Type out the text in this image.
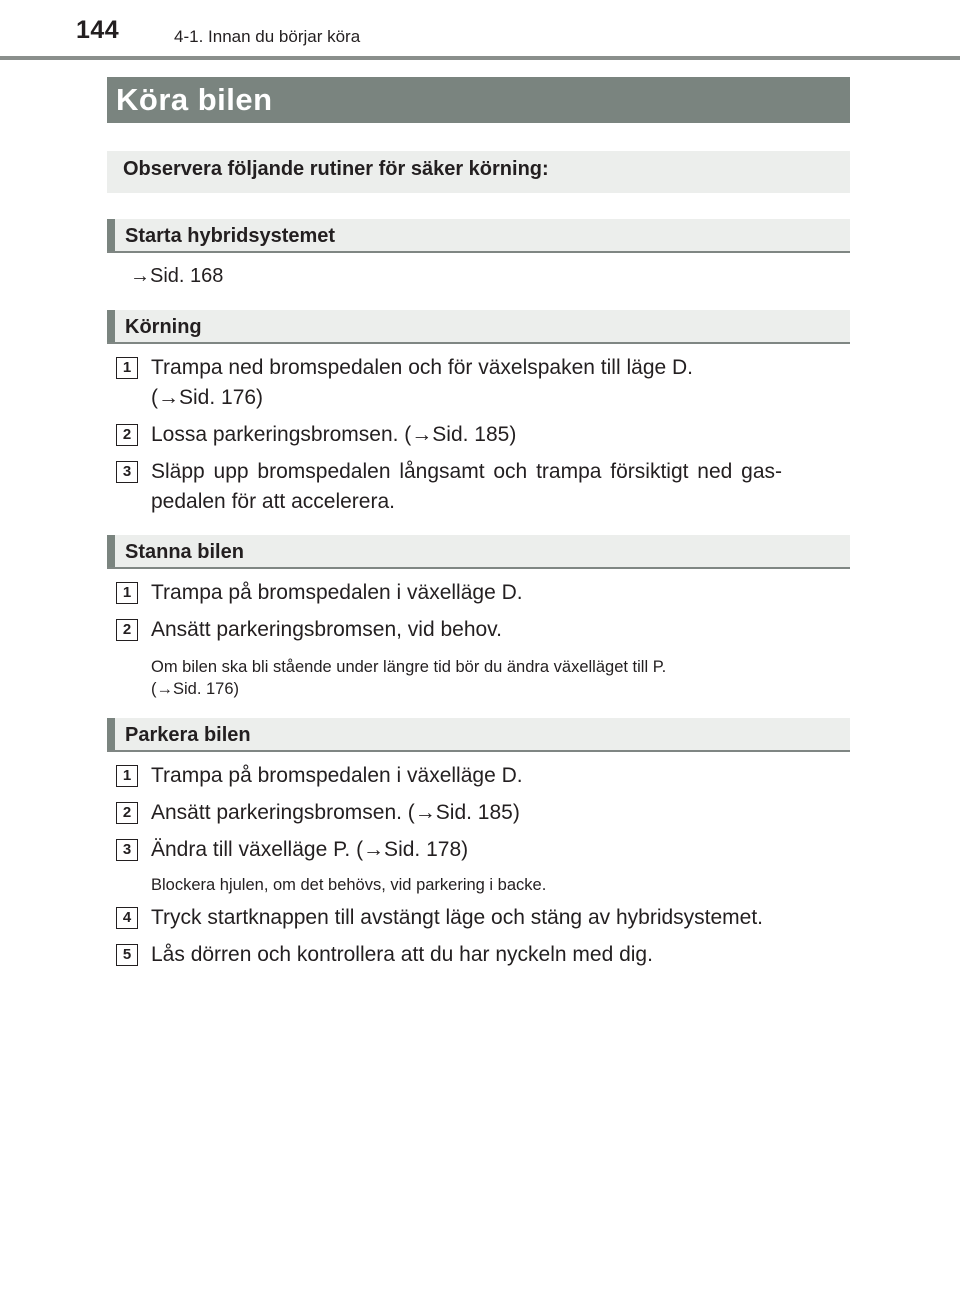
144	4-1. Innan du börjar köra
Köra bilen
Observera följande rutiner för säker körning:
Starta hybridsystemet
→Sid. 168
Körning
1 Trampa ned bromspedalen och för växelspaken till läge D.
(→Sid. 176)
2 Lossa parkeringsbromsen. (→Sid. 185)
3 Släpp upp bromspedalen långsamt och trampa försiktigt ned gas-
pedalen för att accelerera.
Stanna bilen
1 Trampa på bromspedalen i växelläge D.
2 Ansätt parkeringsbromsen, vid behov.
Om bilen ska bli stående under längre tid bör du ändra växelläget till P.
(→Sid. 176)
Parkera bilen
1 Trampa på bromspedalen i växelläge D.
2 Ansätt parkeringsbromsen. (→Sid. 185)
3 Ändra till växelläge P. (→Sid. 178)
Blockera hjulen, om det behövs, vid parkering i backe.
4 Tryck startknappen till avstängt läge och stäng av hybridsystemet.
5 Lås dörren och kontrollera att du har nyckeln med dig.
